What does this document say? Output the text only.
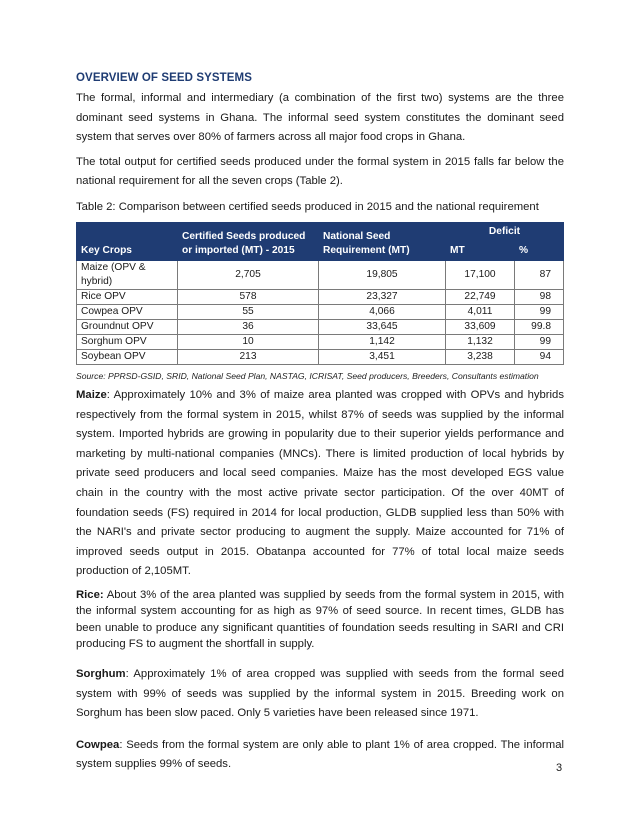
OVERVIEW OF SEED SYSTEMS

The formal, informal and intermediary (a combination of the first two) systems are the three dominant seed systems in Ghana. The informal seed system constitutes the dominant seed system that serves over 80% of farmers across all major food crops in Ghana.

The total output for certified seeds produced under the formal system in 2015 falls far below the national requirement for all the seven crops (Table 2).

Table 2: Comparison between certified seeds produced in 2015 and the national requirement
Key Crops	Certified Seeds produced or imported (MT) - 2015	National Seed Requirement (MT)	Deficit	
			MT	%
Maize (OPV & hybrid)	2,705	19,805	17,100	87
Rice OPV	578	23,327	22,749	98
Cowpea OPV	55	4,066	4,011	99
Groundnut OPV	36	33,645	33,609	99.8
Sorghum OPV	10	1,142	1,132	99
Soybean OPV	213	3,451	3,238	94
Source: PPRSD-GSID, SRID, National Seed Plan, NASTAG, ICRISAT, Seed producers, Breeders, Consultants estimation

Maize: Approximately 10% and 3% of maize area planted was cropped with OPVs and hybrids respectively from the formal system in 2015, whilst 87% of seeds was supplied by the informal system. Imported hybrids are growing in popularity due to their superior yields performance and marketing by multi-national companies (MNCs). There is limited production of local hybrids by private seed producers and local seed companies. Maize has the most developed EGS value chain in the country with the most active private sector participation. Of the over 40MT of foundation seeds (FS) required in 2014 for local production, GLDB supplied less than 50% with the NARI's and private sector producing to augment the supply. Maize accounted for 71% of improved seeds output in 2015. Obatanpa accounted for 77% of total local maize seeds production of 2,105MT.

Rice: About 3% of the area planted was supplied by seeds from the formal system in 2015, with the informal system accounting for as high as 97% of seed source. In recent times, GLDB has been unable to produce any significant quantities of foundation seeds resulting in SARI and CRI producing FS to augment the shortfall in supply.

Sorghum: Approximately 1% of area cropped was supplied with seeds from the formal seed system with 99% of seeds was supplied by the informal system in 2015. Breeding work on Sorghum has been slow paced. Only 5 varieties have been released since 1971.

Cowpea: Seeds from the formal system are only able to plant 1% of area cropped. The informal system supplies 99% of seeds.	3
